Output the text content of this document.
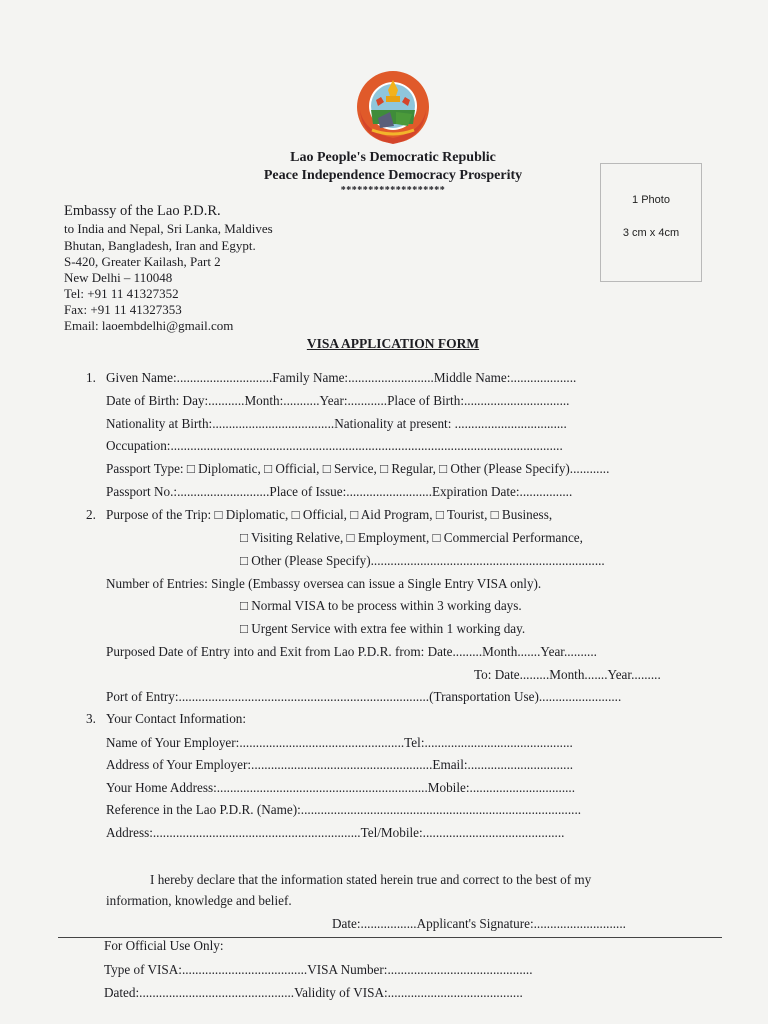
Lao People's Democratic Republic
Peace Independence Democracy Prosperity
*******************
1 Photo
3 cm x 4cm
Embassy of the Lao P.D.R.
to India and Nepal, Sri Lanka, Maldives
Bhutan, Bangladesh, Iran and Egypt.
S-420, Greater Kailash, Part 2
New Delhi – 110048
Tel: +91 11 41327352
Fax: +91 11 41327353
Email: laoembdelhi@gmail.com
VISA APPLICATION FORM
1. Given Name:.............................Family Name:..........................Middle Name:....................
Date of Birth: Day:...........Month:...........Year:............Place of Birth:................................
Nationality at Birth:.....................................Nationality at present: ..................................
Occupation:.......................................................................................................................
Passport Type: □ Diplomatic, □ Official, □ Service, □ Regular, □ Other (Please Specify)............
Passport No.:............................Place of Issue:..........................Expiration Date:................
2. Purpose of the Trip: □ Diplomatic, □ Official, □ Aid Program, □ Tourist, □ Business,
□ Visiting Relative, □ Employment, □ Commercial Performance,
□ Other (Please Specify).......................................................................
Number of Entries: Single (Embassy oversea can issue a Single Entry VISA only).
□ Normal VISA to be process within 3 working days.
□ Urgent Service with extra fee within 1 working day.
Purposed Date of Entry into and Exit from Lao P.D.R. from: Date.........Month.......Year..........
To: Date.........Month.......Year.........
Port of Entry:............................................................................(Transportation Use).........................
3. Your Contact Information:
Name of Your Employer:..................................................Tel:.............................................
Address of Your Employer:.......................................................Email:................................
Your Home Address:................................................................Mobile:................................
Reference in the Lao P.D.R. (Name):.....................................................................................
Address:...............................................................Tel/Mobile:...........................................
I hereby declare that the information stated herein true and correct to the best of my
information, knowledge and belief.
Date:.................Applicant's Signature:............................
For Official Use Only:
Type of VISA:......................................VISA Number:............................................
Dated:...............................................Validity of VISA:.........................................
